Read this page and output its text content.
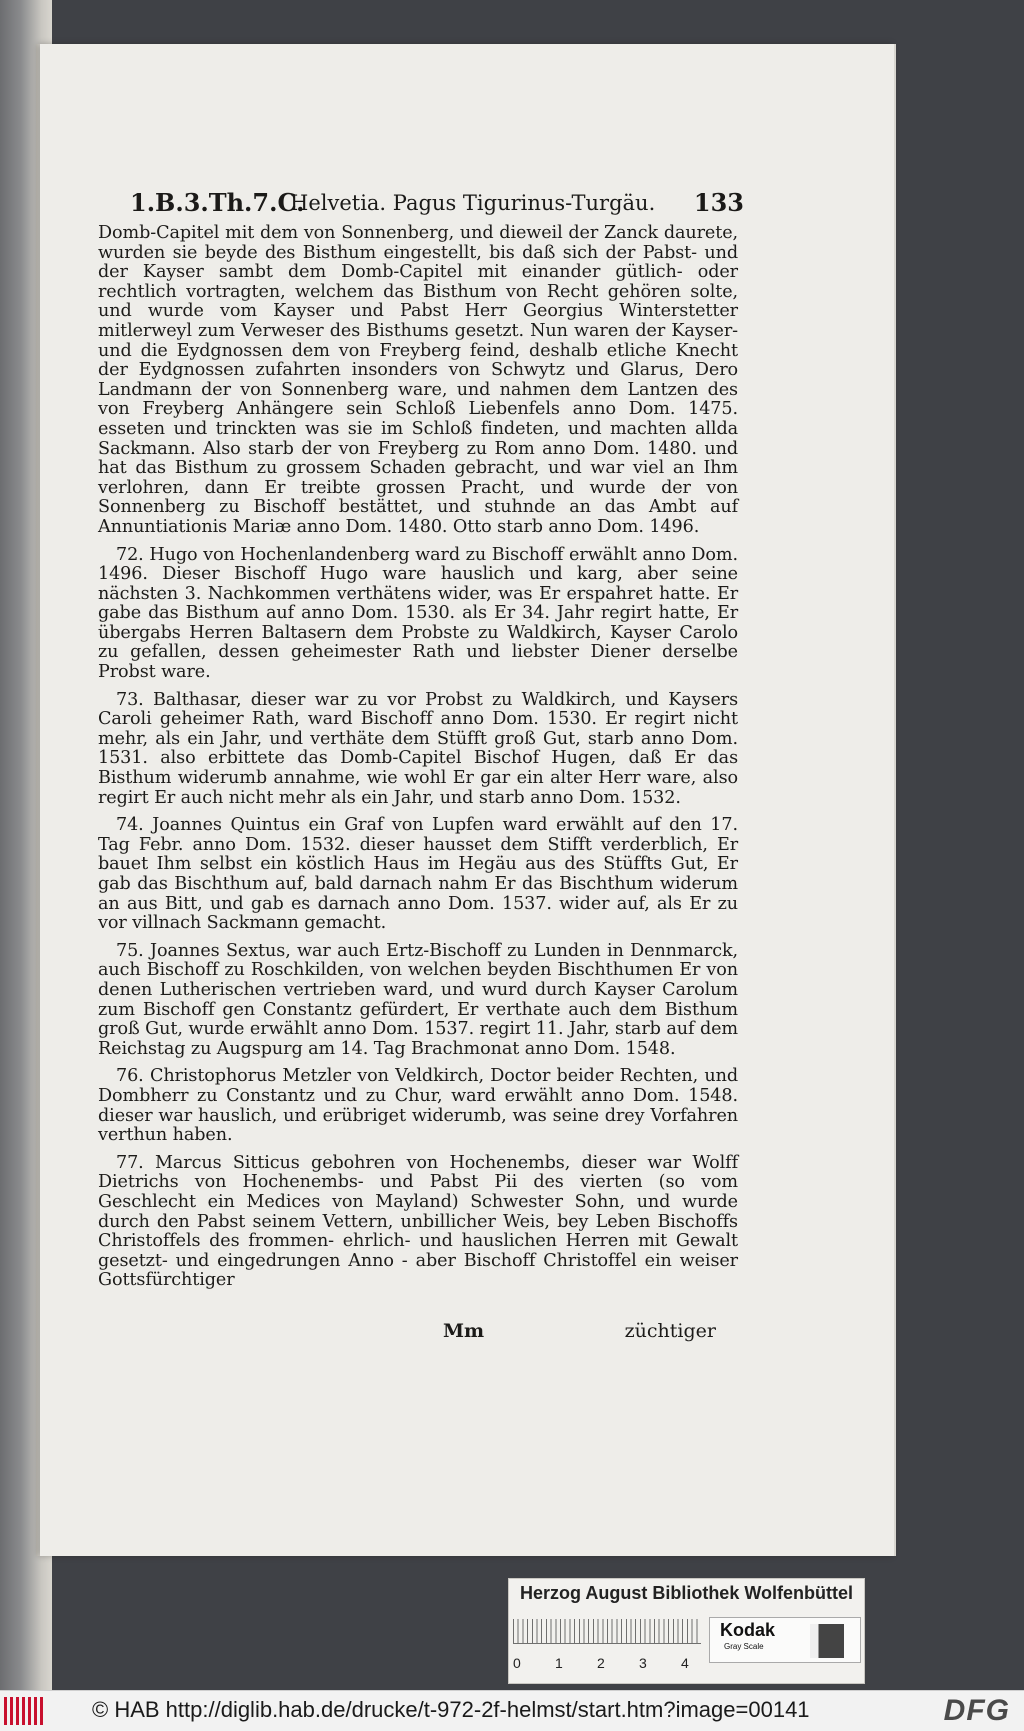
1.B.3.Th.7.C.
Helvetia. Pagus Tigurinus-Turgäu. 133

Domb-Capitel mit dem von Sonnenberg, und dieweil der Zanck daurete, wurden sie beyde des Bisthum eingestellt, bis daß sich der Pabst- und der Kayser sambt dem Domb-Capitel mit einander gütlich- oder rechtlich vortragten, welchem das Bisthum von Recht gehören solte, und wurde vom Kayser und Pabst Herr Georgius Winterstetter mitlerweyl zum Verweser des Bisthums gesetzt. Nun waren der Kayser- und die Eydgnossen dem von Freyberg feind, deshalb etliche Knecht der Eydgnossen zufahrten insonders von Schwytz und Glarus, Dero Landmann der von Sonnenberg ware, und nahmen dem Lantzen des von Freyberg Anhängere sein Schloß Liebenfels anno Dom. 1475. esseten und trinckten was sie im Schloß findeten, und machten allda Sackmann. Also starb der von Freyberg zu Rom anno Dom. 1480. und hat das Bisthum zu grossem Schaden gebracht, und war viel an Ihm verlohren, dann Er treibte grossen Pracht, und wurde der von Sonnenberg zu Bischoff bestättet, und stuhnde an das Ambt auf Annuntiationis Mariæ anno Dom. 1480. Otto starb anno Dom. 1496.

72. Hugo von Hochenlandenberg ward zu Bischoff erwählt anno Dom. 1496. Dieser Bischoff Hugo ware hauslich und karg, aber seine nächsten 3. Nachkommen verthätens wider, was Er erspahret hatte. Er gabe das Bisthum auf anno Dom. 1530. als Er 34. Jahr regirt hatte, Er übergabs Herren Baltasern dem Probste zu Waldkirch, Kayser Carolo zu gefallen, dessen geheimester Rath und liebster Diener derselbe Probst ware.

73. Balthasar, dieser war zu vor Probst zu Waldkirch, und Kaysers Caroli geheimer Rath, ward Bischoff anno Dom. 1530. Er regirt nicht mehr, als ein Jahr, und verthäte dem Stüfft groß Gut, starb anno Dom. 1531. also erbittete das Domb-Capitel Bischof Hugen, daß Er das Bisthum widerumb annahme, wie wohl Er gar ein alter Herr ware, also regirt Er auch nicht mehr als ein Jahr, und starb anno Dom. 1532.

74. Joannes Quintus ein Graf von Lupfen ward erwählt auf den 17. Tag Febr. anno Dom. 1532. dieser hausset dem Stifft verderblich, Er bauet Ihm selbst ein köstlich Haus im Hegäu aus des Stüffts Gut, Er gab das Bischthum auf, bald darnach nahm Er das Bischthum widerum an aus Bitt, und gab es darnach anno Dom. 1537. wider auf, als Er zu vor villnach Sackmann gemacht.

75. Joannes Sextus, war auch Ertz-Bischoff zu Lunden in Dennmarck, auch Bischoff zu Roschkilden, von welchen beyden Bischthumen Er von denen Lutherischen vertrieben ward, und wurd durch Kayser Carolum zum Bischoff gen Constantz gefürdert, Er verthate auch dem Bisthum groß Gut, wurde erwählt anno Dom. 1537. regirt 11. Jahr, starb auf dem Reichstag zu Augspurg am 14. Tag Brachmonat anno Dom. 1548.

76. Christophorus Metzler von Veldkirch, Doctor beider Rechten, und Dombherr zu Constantz und zu Chur, ward erwählt anno Dom. 1548. dieser war hauslich, und erübriget widerumb, was seine drey Vorfahren verthun haben.

77. Marcus Sitticus gebohren von Hochenembs, dieser war Wolff Dietrichs von Hochenembs- und Pabst Pii des vierten (so vom Geschlecht ein Medices von Mayland) Schwester Sohn, und wurde durch den Pabst seinem Vettern, unbillicher Weis, bey Leben Bischoffs Christoffels des frommen- ehrlich- und hauslichen Herren mit Gewalt gesetzt- und eingedrungen Anno - aber Bischoff Christoffel ein weiser Gottsfürchtiger

Mm	züchtiger
Herzog August Bibliothek Wolfenbüttel
0 1 2 3 4
Kodak
Gray Scale
© HAB http://diglib.hab.de/drucke/t-972-2f-helmst/start.htm?image=00141	DFG
